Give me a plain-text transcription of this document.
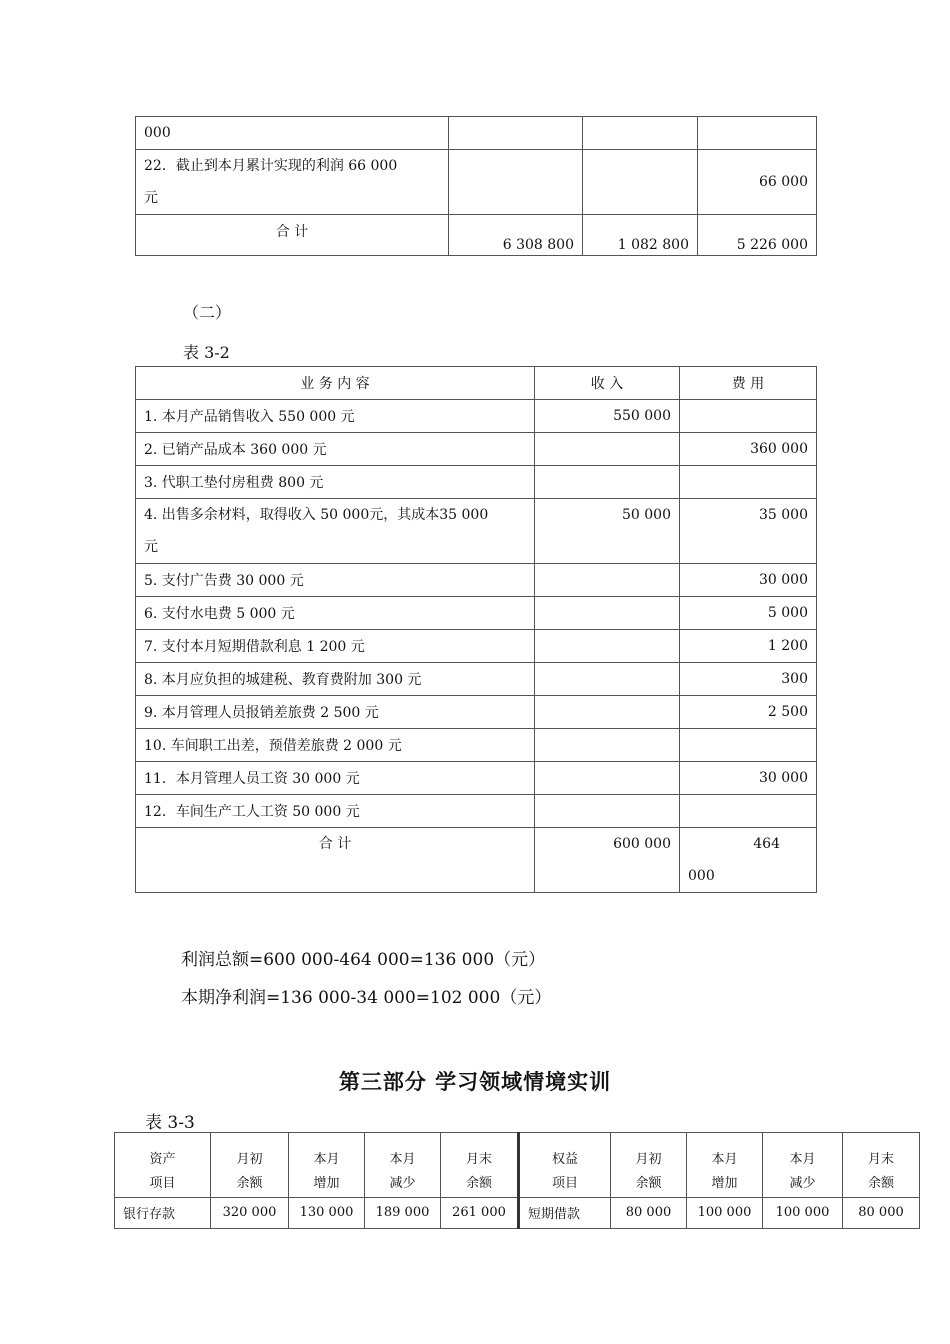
000			

22．截止到本月累计实现的利润 66 000
元			66 000
合 计	6 308 800	1 082 800	5 226 000
（二）
表 3-2
业 务 内 容	收 入	费 用
1. 本月产品销售收入 550 000 元	550 000	
2. 已销产品成本 360 000 元		360 000
3. 代职工垫付房租费 800 元		

4. 出售多余材料，取得收入 50 000元，其成本35 000
元	50 000	35 000
5. 支付广告费 30 000 元		30 000
6. 支付水电费 5 000 元		5 000
7. 支付本月短期借款利息 1 200 元		1 200
8. 本月应负担的城建税、教育费附加 300 元		300
9. 本月管理人员报销差旅费 2 500 元		2 500
10. 车间职工出差，预借差旅费 2 000 元		
11．本月管理人员工资 30 000 元		30 000
12．车间生产工人工资 50 000 元		
合 计	600 000	464
000
利润总额=600 000-464 000=136 000（元）
本期净利润=136 000-34 000=102 000（元）
第三部分 学习领域情境实训
表 3-3
资产	月初	本月	本月	月末	权益	月初	本月	本月	月末
项目	余额	增加	减少	余额	项目	余额	增加	减少	余额
银行存款	320 000	130 000	189 000	261 000	短期借款	80 000	100 000	100 000	80 000
